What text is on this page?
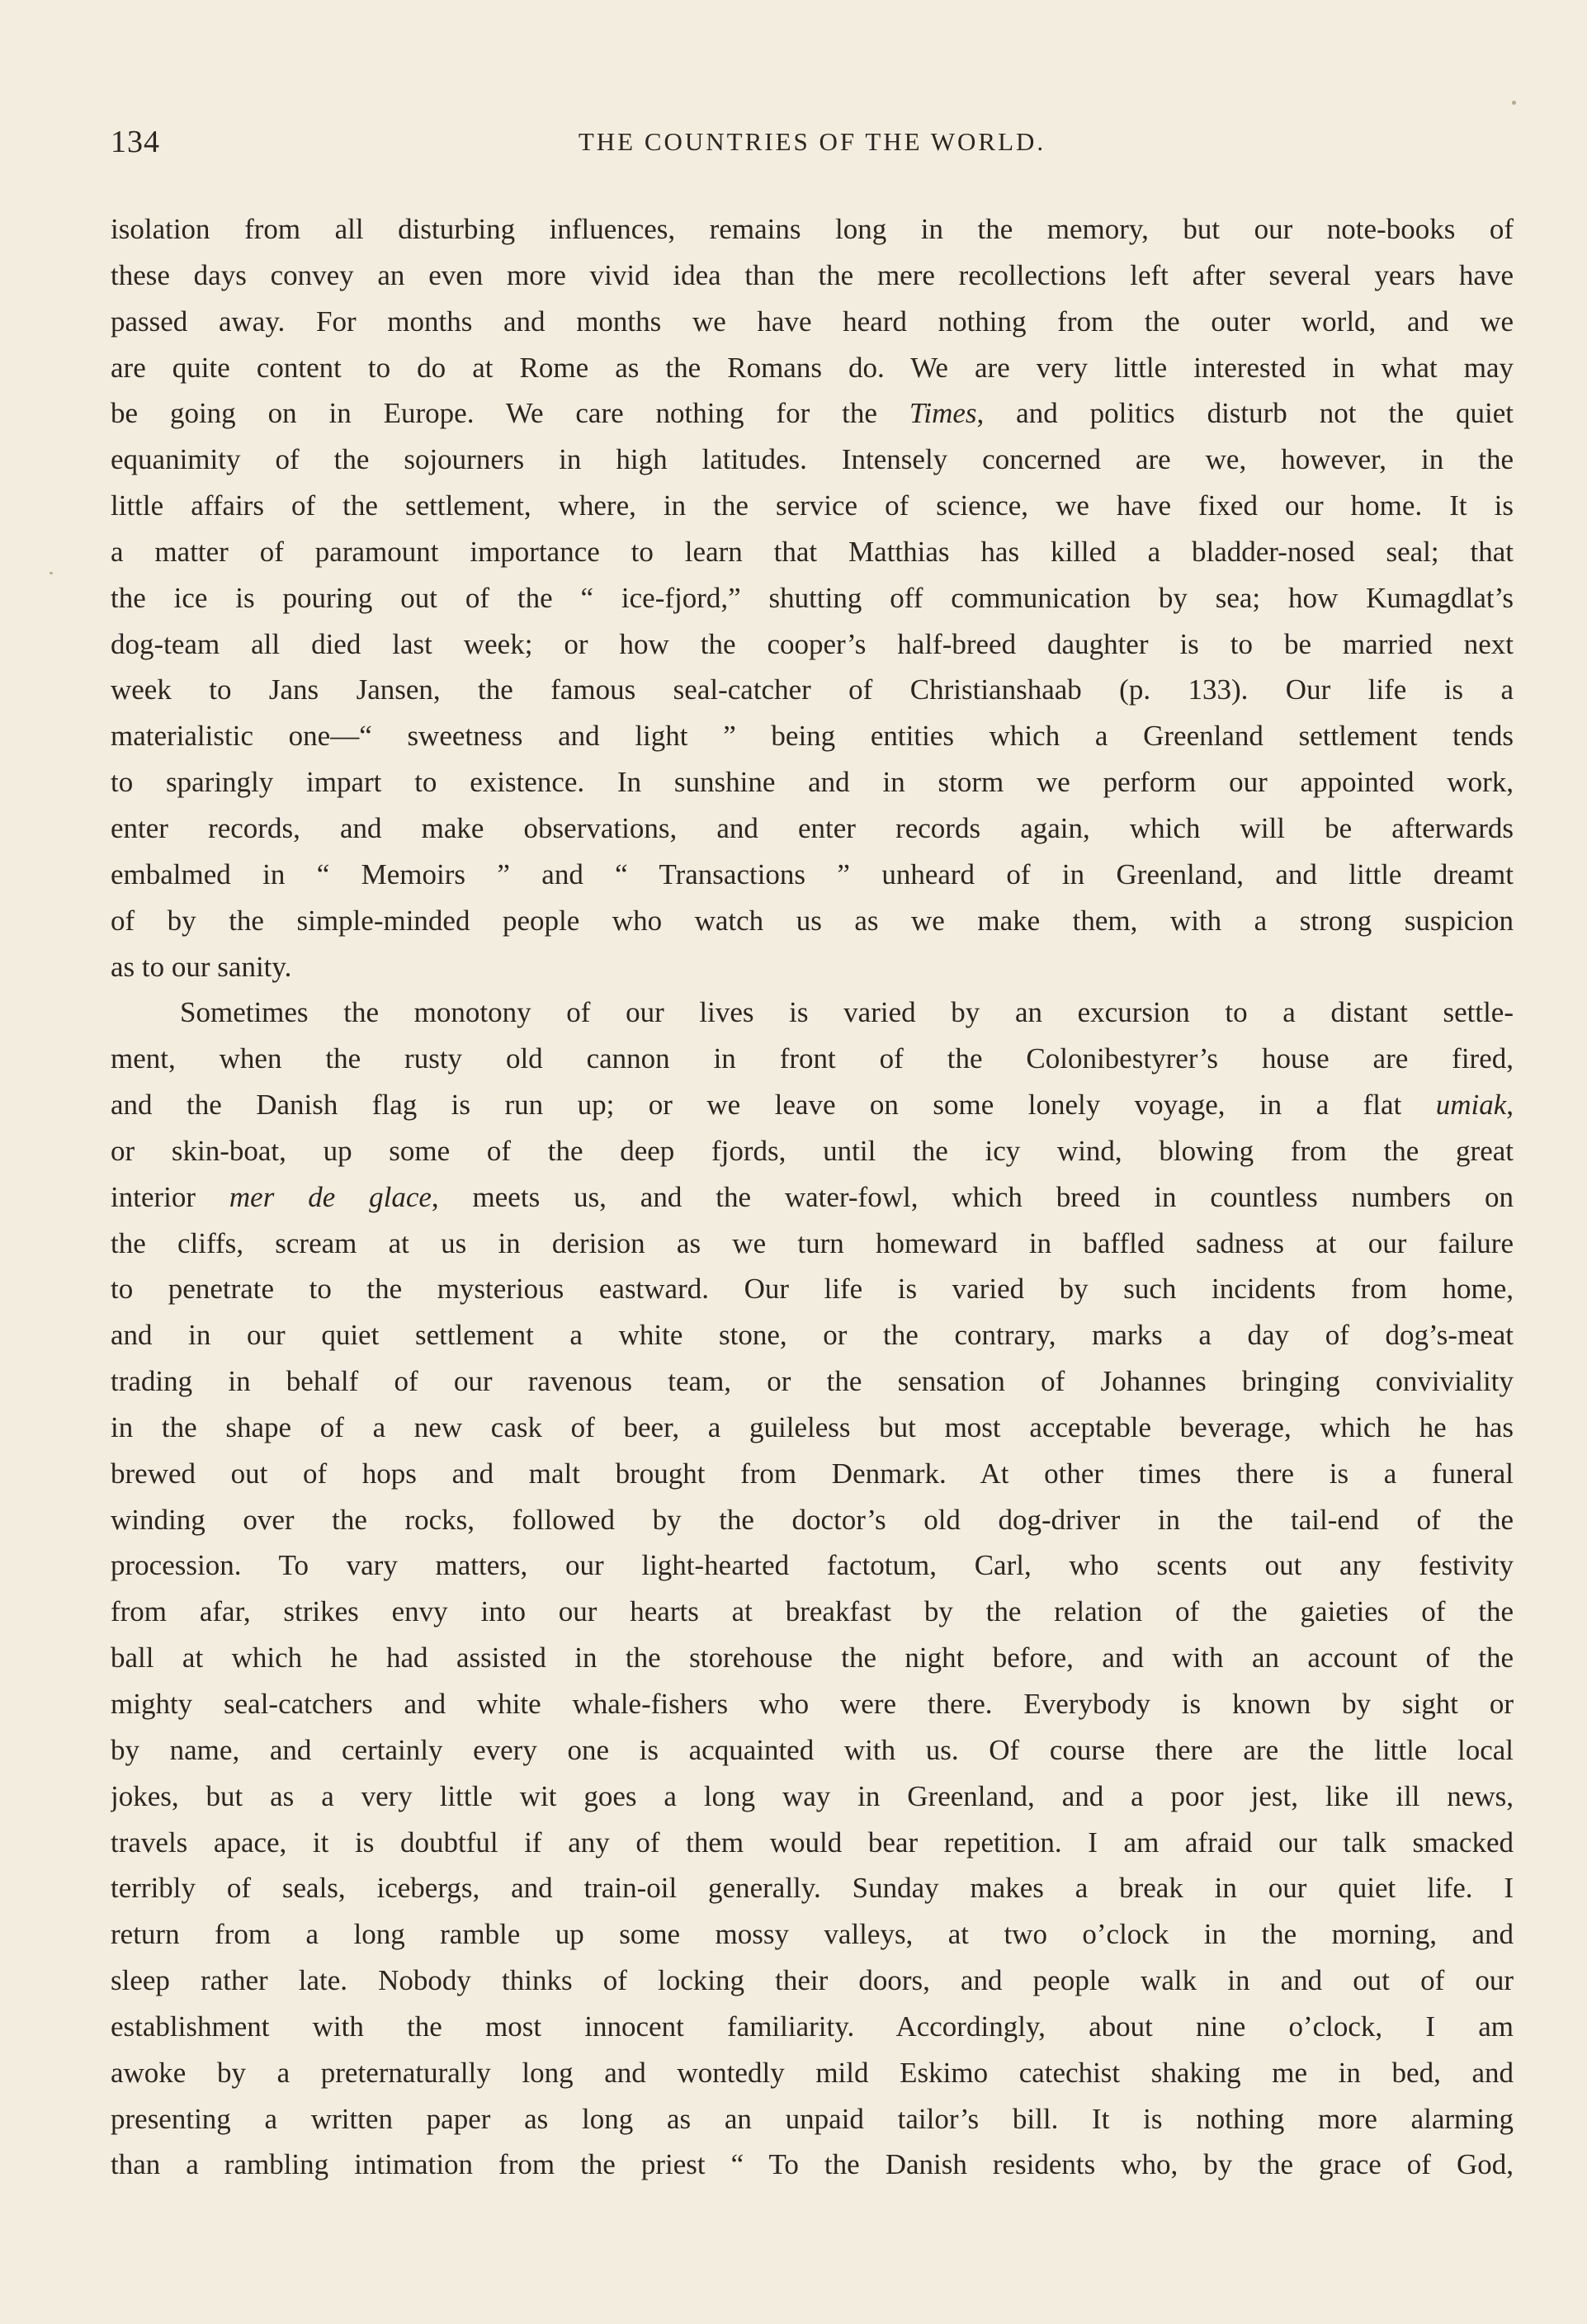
134	THE COUNTRIES OF THE WORLD.
isolation from all disturbing influences, remains long in the memory, but our note-books of
these days convey an even more vivid idea than the mere recollections left after several years have
passed away. For months and months we have heard nothing from the outer world, and we
are quite content to do at Rome as the Romans do. We are very little interested in what may
be going on in Europe. We care nothing for the Times, and politics disturb not the quiet
equanimity of the sojourners in high latitudes. Intensely concerned are we, however, in the
little affairs of the settlement, where, in the service of science, we have fixed our home. It is
a matter of paramount importance to learn that Matthias has killed a bladder-nosed seal; that
the ice is pouring out of the “ ice-fjord,” shutting off communication by sea; how Kumagdlat’s
dog-team all died last week; or how the cooper’s half-breed daughter is to be married next
week to Jans Jansen, the famous seal-catcher of Christianshaab (p. 133). Our life is a
materialistic one—“ sweetness and light ” being entities which a Greenland settlement tends
to sparingly impart to existence. In sunshine and in storm we perform our appointed work,
enter records, and make observations, and enter records again, which will be afterwards
embalmed in “ Memoirs ” and “ Transactions ” unheard of in Greenland, and little dreamt
of by the simple-minded people who watch us as we make them, with a strong suspicion
as to our sanity.
Sometimes the monotony of our lives is varied by an excursion to a distant settle-
ment, when the rusty old cannon in front of the Colonibestyrer’s house are fired,
and the Danish flag is run up; or we leave on some lonely voyage, in a flat umiak,
or skin-boat, up some of the deep fjords, until the icy wind, blowing from the great
interior mer de glace, meets us, and the water-fowl, which breed in countless numbers on
the cliffs, scream at us in derision as we turn homeward in baffled sadness at our failure
to penetrate to the mysterious eastward. Our life is varied by such incidents from home,
and in our quiet settlement a white stone, or the contrary, marks a day of dog’s-meat
trading in behalf of our ravenous team, or the sensation of Johannes bringing conviviality
in the shape of a new cask of beer, a guileless but most acceptable beverage, which he has
brewed out of hops and malt brought from Denmark. At other times there is a funeral
winding over the rocks, followed by the doctor’s old dog-driver in the tail-end of the
procession. To vary matters, our light-hearted factotum, Carl, who scents out any festivity
from afar, strikes envy into our hearts at breakfast by the relation of the gaieties of the
ball at which he had assisted in the storehouse the night before, and with an account of the
mighty seal-catchers and white whale-fishers who were there. Everybody is known by sight or
by name, and certainly every one is acquainted with us. Of course there are the little local
jokes, but as a very little wit goes a long way in Greenland, and a poor jest, like ill news,
travels apace, it is doubtful if any of them would bear repetition. I am afraid our talk smacked
terribly of seals, icebergs, and train-oil generally. Sunday makes a break in our quiet life. I
return from a long ramble up some mossy valleys, at two o’clock in the morning, and
sleep rather late. Nobody thinks of locking their doors, and people walk in and out of our
establishment with the most innocent familiarity. Accordingly, about nine o’clock, I am
awoke by a preternaturally long and wontedly mild Eskimo catechist shaking me in bed, and
presenting a written paper as long as an unpaid tailor’s bill. It is nothing more alarming
than a rambling intimation from the priest “ To the Danish residents who, by the grace of God,
